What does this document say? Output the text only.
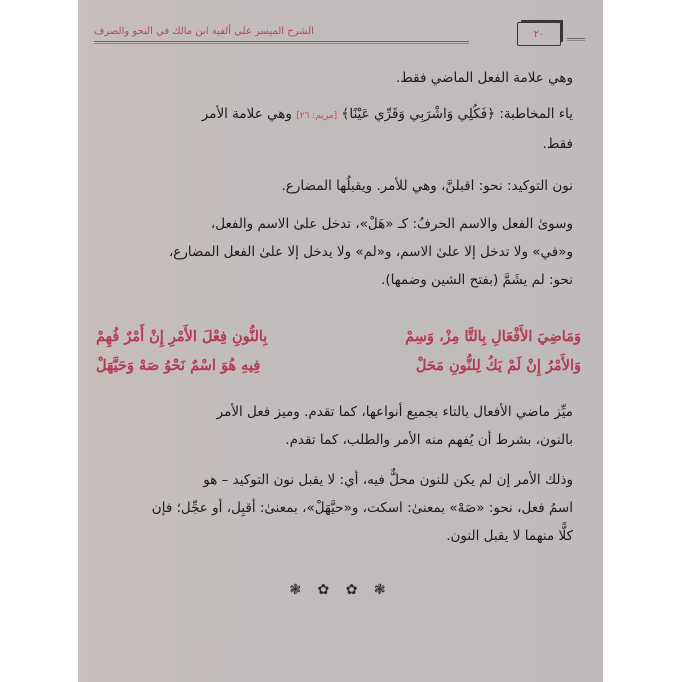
الشرح الميسر على ألفية ابن مالك في النحو والصرف	٢٠
وهي علامة الفعل الماضي فقط.
ياء المخاطبة: ﴿فَكُلِي وَاشْرَبِي وَقَرِّي عَيْنًا﴾ [مريم: ٢٦] وهي علامة الأمر
فقط.
نون التوكيد: نحو: اقبلنَّ، وهي للأمر. ويقبلُها المضارع.
وسوىٰ الفعل والاسم الحرفُ: كـ «هَلْ»، تدخل علىٰ الاسم والفعل،
و«في» ولا تدخل إلا علىٰ الاسم، و«لم» ولا يدخل إلا علىٰ الفعل المضارع،
نحو: لم يشَمَّ (بفتح الشين وضمها).
وَمَاضِيَ الأَفْعَالِ بِالتَّا مِزْ، وَسِمْ
بِالنُّونِ فِعْلَ الأَمْرِ إِنْ أَمْرٌ فُهِمْ
وَالأَمْرُ إِنْ لَمْ يَكُ لِلنُّونِ مَحَلْ
فِيهِ هُوَ اسْمٌ نَحْوُ صَهْ وَحَيَّهَلْ
ميِّز ماضي الأفعال بالتاء بجميع أنواعها، كما تقدم. وميز فعل الأمر
بالنون، بشرط أن يُفهم منه الأمر والطلب، كما تقدم.
وذلك الأمر إن لم يكن للنون محلٌّ فيه، أي: لا يقبل نون التوكيد – هو
اسمُ فعل، نحو: «صَهْ» بمعنىٰ: اسكت، و«حيَّهَلْ»، بمعنىٰ: أقبِل، أو عجِّل؛ فإن
كلًّا منهما لا يقبل النون.
❃ ✿ ✿ ❃
